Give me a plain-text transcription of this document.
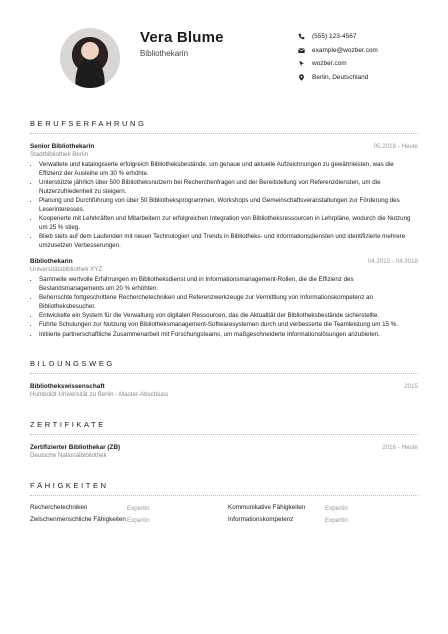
Vera Blume
Bibliothekarin
(555) 123-4567
example@wozber.com
wozber.com
Berlin, Deutschland
BERUFSERFAHRUNG
Senior Bibliothekarin	05.2018 - Heute
Stadtbibliothek Berlin
• Verwaltete und katalogisierte erfolgreich Bibliotheksbestände, um genaue und aktuelle Aufzeichnungen zu gewährleisten, was die Effizienz der Ausleihe um 30 % erhöhte.
• Unterstützte jährlich über 500 Bibliotheksnutzern bei Recherchenfragen und der Bereitstellung von Referenzdiensten, um die Nutzerzufriedenheit zu steigern.
• Planung und Durchführung von über 50 Bibliotheksprogrammen, Workshops und Gemeinschaftsveranstaltungen zur Förderung des Leserinteresses.
• Kooperierte mit Lehrkräften und Mitarbeitern zur erfolgreichen Integration von Bibliotheksressourcen in Lehrpläne, wodurch die Nutzung um 25 % stieg.
• Blieb stets auf dem Laufenden mit neuen Technologien und Trends in Bibliotheks- und Informationsdiensten und identifizierte mehrere umzusetzen Verbesserungen.
Bibliothekarin	04.2015 - 04.2018
Universitätsbibliothek XYZ
• Sammelte wertvolle Erfahrungen im Bibliotheksdienst und in Informationsmanagement-Rollen, die die Effizienz des Bestandsmanagements um 20 % erhöhten.
• Beherrschte fortgeschrittene Recherchetechniken und Referenzwerkzeuge zur Vermittlung von Informationskompetenz an Bibliotheksbesucher.
• Entwickelte ein System für die Verwaltung von digitalen Ressourcen, das die Aktualität der Bibliotheksbestände sicherstellte.
• Führte Schulungen zur Nutzung von Bibliotheksmanagement-Softwaresystemen durch und verbesserte die Teamleistung um 15 %.
• Initiierte partnerschaftliche Zusammenarbeit mit Forschungsteams, um maßgeschneiderte Informationslösungen anzubieten.
BILDUNGSWEG
Bibliothekswissenschaft	2015
Humboldt-Universität zu Berlin - Master-Abschluss
ZERTIFIKATE
Zertifizierter Bibliothekar (ZB)	2016 - Heute
Deutsche Nationalbibliothek
FÄHIGKEITEN
Recherchetechniken	Expertin	Kommunikative Fähigkeiten	Expertin
Zwischenmenschliche Fähigkeiten Expertin	Informationskompetenz	Expertin
